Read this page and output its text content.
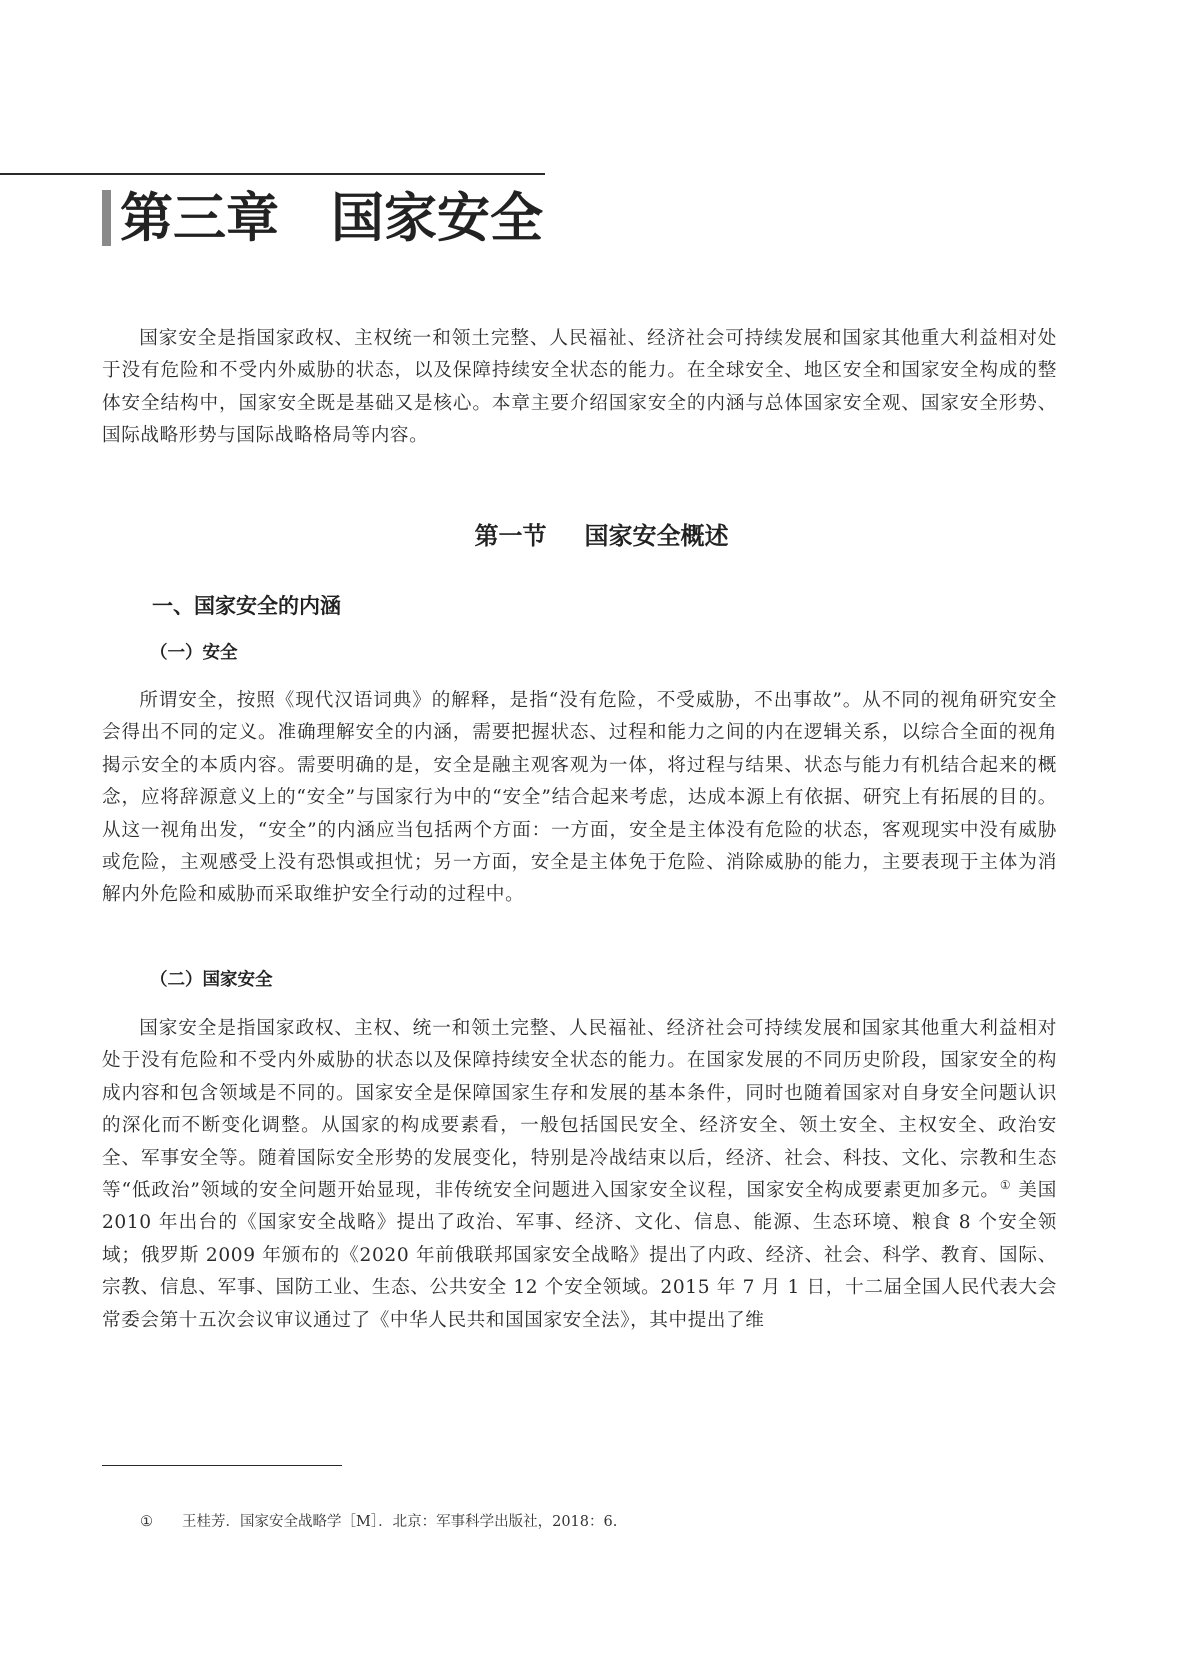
第三章 国家安全

国家安全是指国家政权、主权统一和领土完整、人民福祉、经济社会可持续发展和国家其他重大利益相对处于没有危险和不受内外威胁的状态，以及保障持续安全状态的能力。在全球安全、地区安全和国家安全构成的整体安全结构中，国家安全既是基础又是核心。本章主要介绍国家安全的内涵与总体国家安全观、国家安全形势、国际战略形势与国际战略格局等内容。

第一节 国家安全概述
一、国家安全的内涵
（一）安全

所谓安全，按照《现代汉语词典》的解释，是指“没有危险，不受威胁，不出事故”。从不同的视角研究安全会得出不同的定义。准确理解安全的内涵，需要把握状态、过程和能力之间的内在逻辑关系，以综合全面的视角揭示安全的本质内容。需要明确的是，安全是融主观客观为一体，将过程与结果、状态与能力有机结合起来的概念，应将辞源意义上的“安全”与国家行为中的“安全”结合起来考虑，达成本源上有依据、研究上有拓展的目的。从这一视角出发，“安全”的内涵应当包括两个方面：一方面，安全是主体没有危险的状态，客观现实中没有威胁或危险，主观感受上没有恐惧或担忧；另一方面，安全是主体免于危险、消除威胁的能力，主要表现于主体为消解内外危险和威胁而采取维护安全行动的过程中。

（二）国家安全

国家安全是指国家政权、主权、统一和领土完整、人民福祉、经济社会可持续发展和国家其他重大利益相对处于没有危险和不受内外威胁的状态以及保障持续安全状态的能力。在国家发展的不同历史阶段，国家安全的构成内容和包含领域是不同的。国家安全是保障国家生存和发展的基本条件，同时也随着国家对自身安全问题认识的深化而不断变化调整。从国家的构成要素看，一般包括国民安全、经济安全、领土安全、主权安全、政治安全、军事安全等。随着国际安全形势的发展变化，特别是冷战结束以后，经济、社会、科技、文化、宗教和生态等“低政治”领域的安全问题开始显现，非传统安全问题进入国家安全议程，国家安全构成要素更加多元。① 美国 2010 年出台的《国家安全战略》提出了政治、军事、经济、文化、信息、能源、生态环境、粮食 8 个安全领域；俄罗斯 2009 年颁布的《2020 年前俄联邦国家安全战略》提出了内政、经济、社会、科学、教育、国际、宗教、信息、军事、国防工业、生态、公共安全 12 个安全领域。2015 年 7 月 1 日，十二届全国人民代表大会常委会第十五次会议审议通过了《中华人民共和国国家安全法》，其中提出了维

① 王桂芳．国家安全战略学［M］．北京：军事科学出版社，2018：6.
